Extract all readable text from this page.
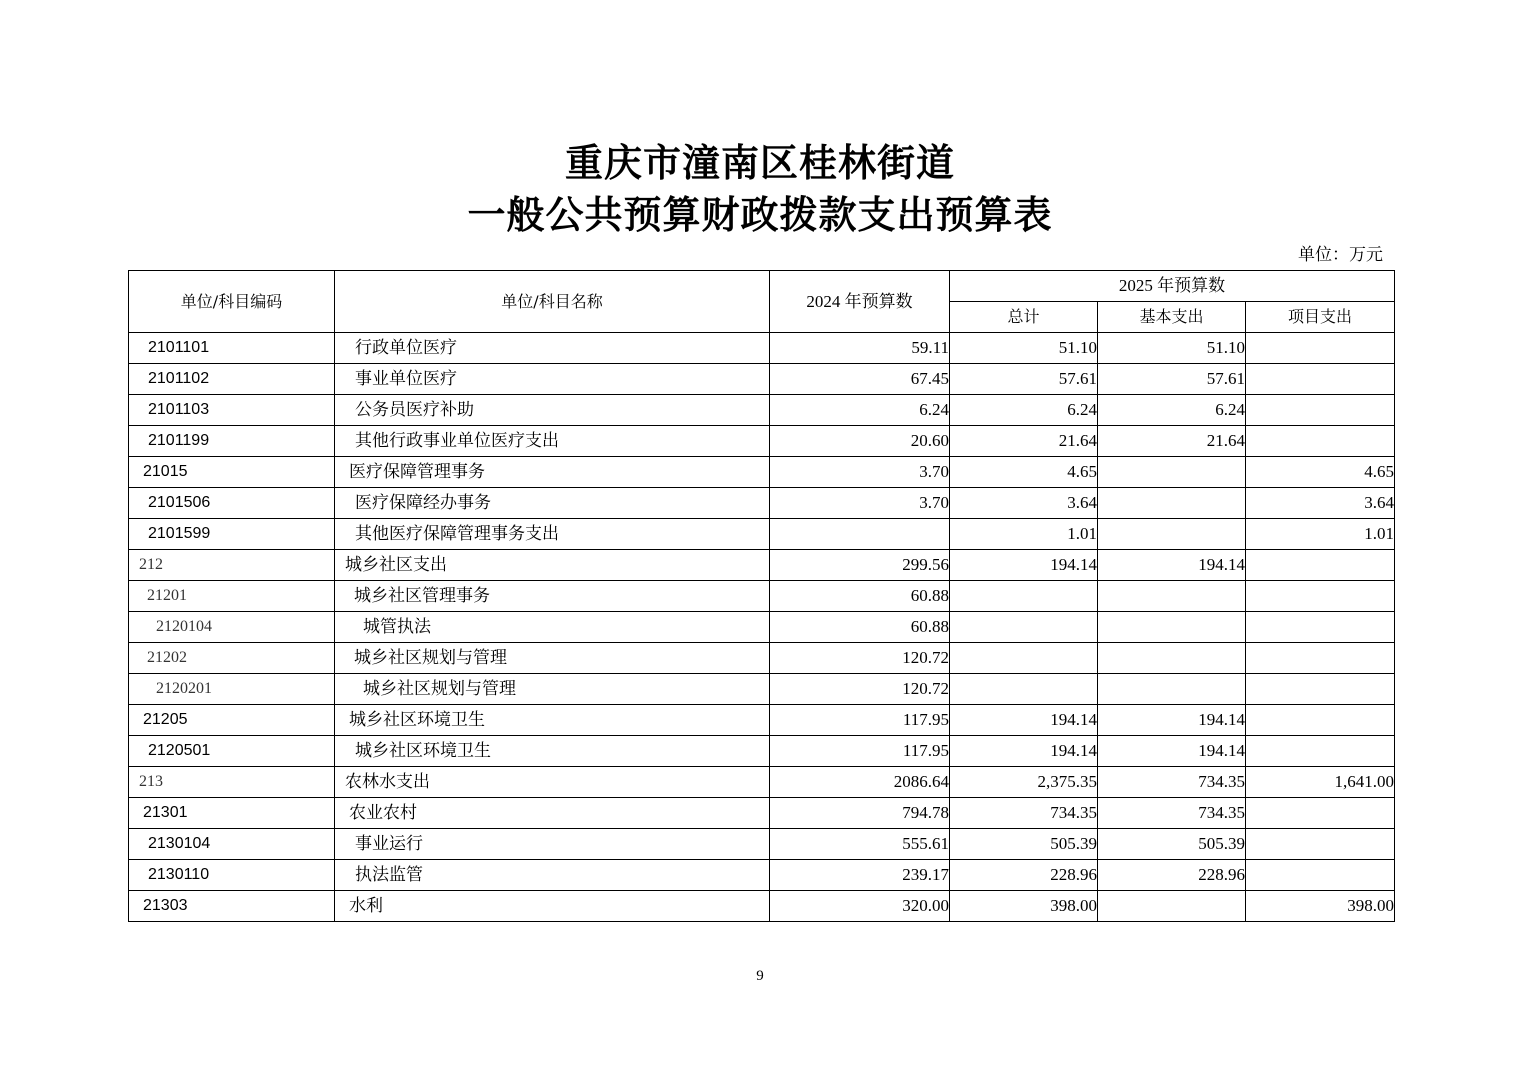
重庆市潼南区桂林街道
一般公共预算财政拨款支出预算表
单位：万元
单位/科目编码	单位/科目名称	2024 年预算数	2025 年预算数		
			总计	基本支出	项目支出
2101101	行政单位医疗	59.11	51.10	51.10	
2101102	事业单位医疗	67.45	57.61	57.61	
2101103	公务员医疗补助	6.24	6.24	6.24	
2101199	其他行政事业单位医疗支出	20.60	21.64	21.64	
21015	医疗保障管理事务	3.70	4.65		4.65
2101506	医疗保障经办事务	3.70	3.64		3.64
2101599	其他医疗保障管理事务支出		1.01		1.01
212	城乡社区支出	299.56	194.14	194.14	
21201	城乡社区管理事务	60.88			
2120104	城管执法	60.88			
21202	城乡社区规划与管理	120.72			
2120201	城乡社区规划与管理	120.72			
21205	城乡社区环境卫生	117.95	194.14	194.14	
2120501	城乡社区环境卫生	117.95	194.14	194.14	
213	农林水支出	2086.64	2,375.35	734.35	1,641.00
21301	农业农村	794.78	734.35	734.35	
2130104	事业运行	555.61	505.39	505.39	
2130110	执法监管	239.17	228.96	228.96	
21303	水利	320.00	398.00		398.00
9
